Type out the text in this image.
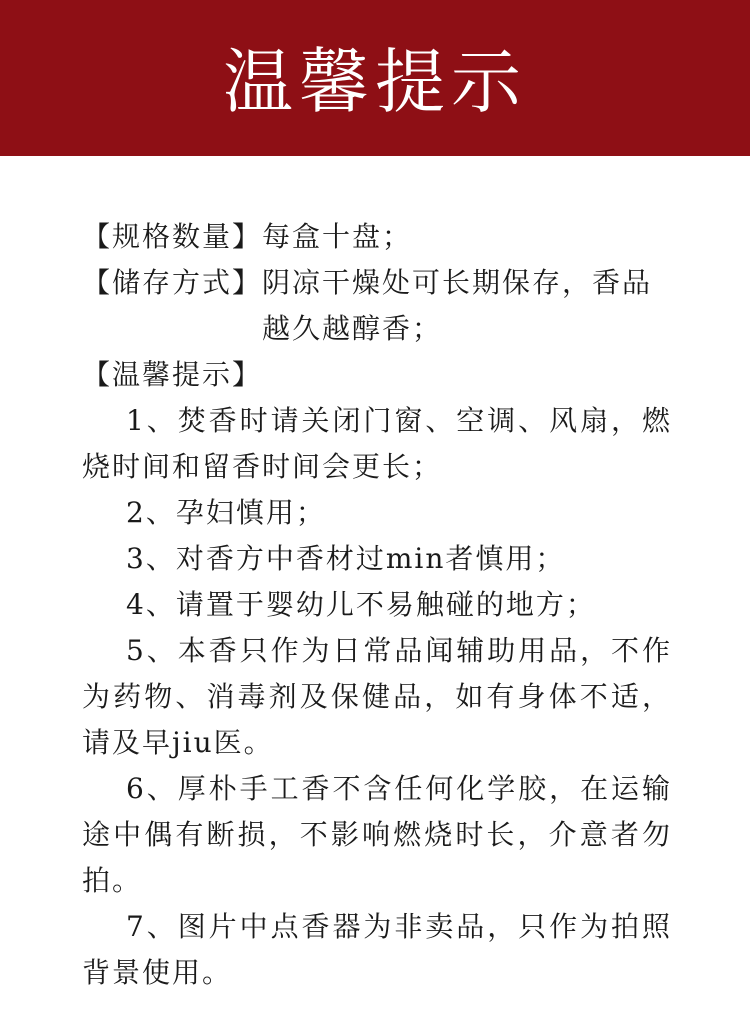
温馨提示
【规格数量】 每盒十盘；
【储存方式】 阴凉干燥处可长期保存，香品越久越醇香；
【温馨提示】

1、焚香时请关闭门窗、空调、风扇，燃烧时间和留香时间会更长；

2、孕妇慎用；

3、对香方中香材过min者慎用；

4、请置于婴幼儿不易触碰的地方；

5、本香只作为日常品闻辅助用品，不作为药物、消毒剂及保健品，如有身体不适，请及早jiu医。

6、厚朴手工香不含任何化学胶，在运输途中偶有断损，不影响燃烧时长，介意者勿拍。

7、图片中点香器为非卖品，只作为拍照背景使用。
